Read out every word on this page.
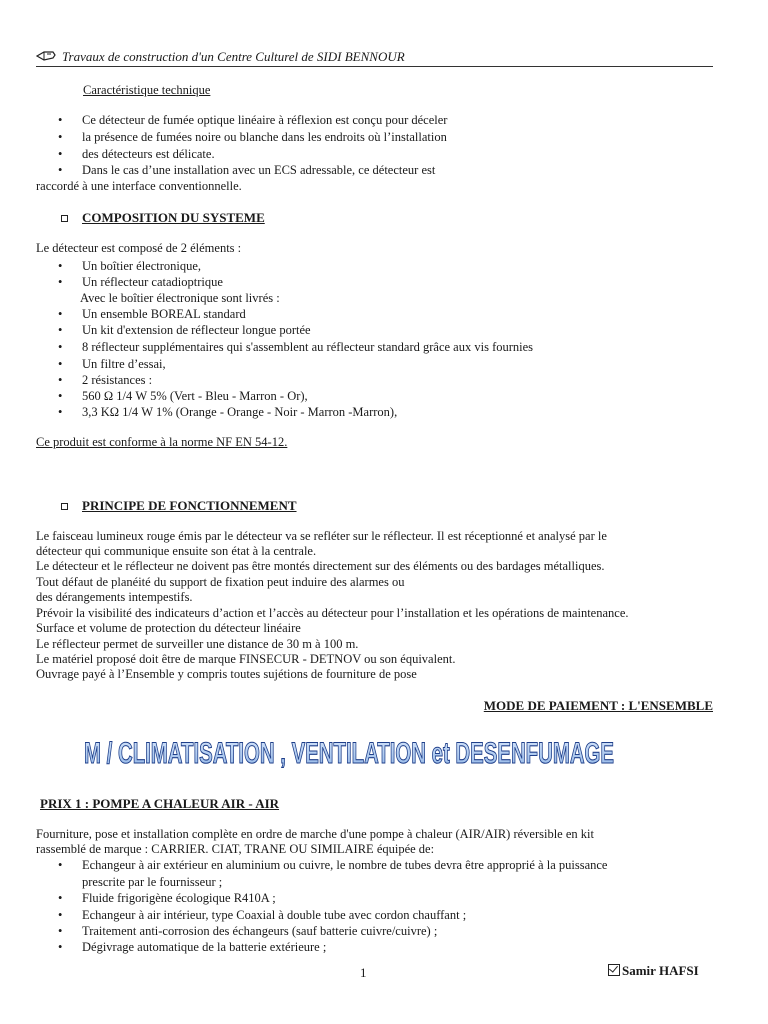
Travaux de construction d'un Centre Culturel de SIDI BENNOUR
Caractéristique technique
• Ce détecteur de fumée optique linéaire à réflexion est conçu pour déceler
• la présence de fumées noire ou blanche dans les endroits où l’installation
• des détecteurs est délicate.
• Dans le cas d’une installation avec un ECS adressable, ce détecteur est
raccordé à une interface conventionnelle.
COMPOSITION DU SYSTEME
Le détecteur est composé de 2 éléments :
• Un boîtier électronique,
• Un réflecteur catadioptrique
Avec le boîtier électronique sont livrés :
• Un ensemble BOREAL standard
• Un kit d'extension de réflecteur longue portée
• 8 réflecteur supplémentaires qui s'assemblent au réflecteur standard grâce aux vis fournies
• Un filtre d’essai,
• 2 résistances :
• 560 Ω 1/4 W 5% (Vert - Bleu - Marron - Or),
• 3,3 KΩ 1/4 W 1% (Orange - Orange - Noir - Marron -Marron),
Ce produit est conforme à la norme NF EN 54-12.
PRINCIPE DE FONCTIONNEMENT
Le faisceau lumineux rouge émis par le détecteur va se refléter sur le réflecteur. Il est réceptionné et analysé par le
détecteur qui communique ensuite son état à la centrale.
Le détecteur et le réflecteur ne doivent pas être montés directement sur des éléments ou des bardages métalliques.
Tout défaut de planéité du support de fixation peut induire des alarmes ou
des dérangements intempestifs.
Prévoir la visibilité des indicateurs d’action et l’accès au détecteur pour l’installation et les opérations de maintenance.
Surface et volume de protection du détecteur linéaire
Le réflecteur permet de surveiller une distance de 30 m à 100 m.
Le matériel proposé doit être de marque FINSECUR - DETNOV ou son équivalent.
Ouvrage payé à l’Ensemble y compris toutes sujétions de fourniture de pose
MODE DE PAIEMENT : L'ENSEMBLE
M / CLIMATISATION , VENTILATION et DESENFUMAGE
PRIX 1 : POMPE A CHALEUR AIR - AIR
Fourniture, pose et installation complète en ordre de marche d'une pompe à chaleur (AIR/AIR) réversible en kit
rassemblé de marque : CARRIER. CIAT, TRANE OU SIMILAIRE équipée de:
• Echangeur à air extérieur en aluminium ou cuivre, le nombre de tubes devra être approprié à la puissance
prescrite par le fournisseur ;
• Fluide frigorigène écologique R410A ;
• Echangeur à air intérieur, type Coaxial à double tube avec cordon chauffant ;
• Traitement anti-corrosion des échangeurs (sauf batterie cuivre/cuivre) ;
• Dégivrage automatique de la batterie extérieure ;
1	Samir HAFSI
